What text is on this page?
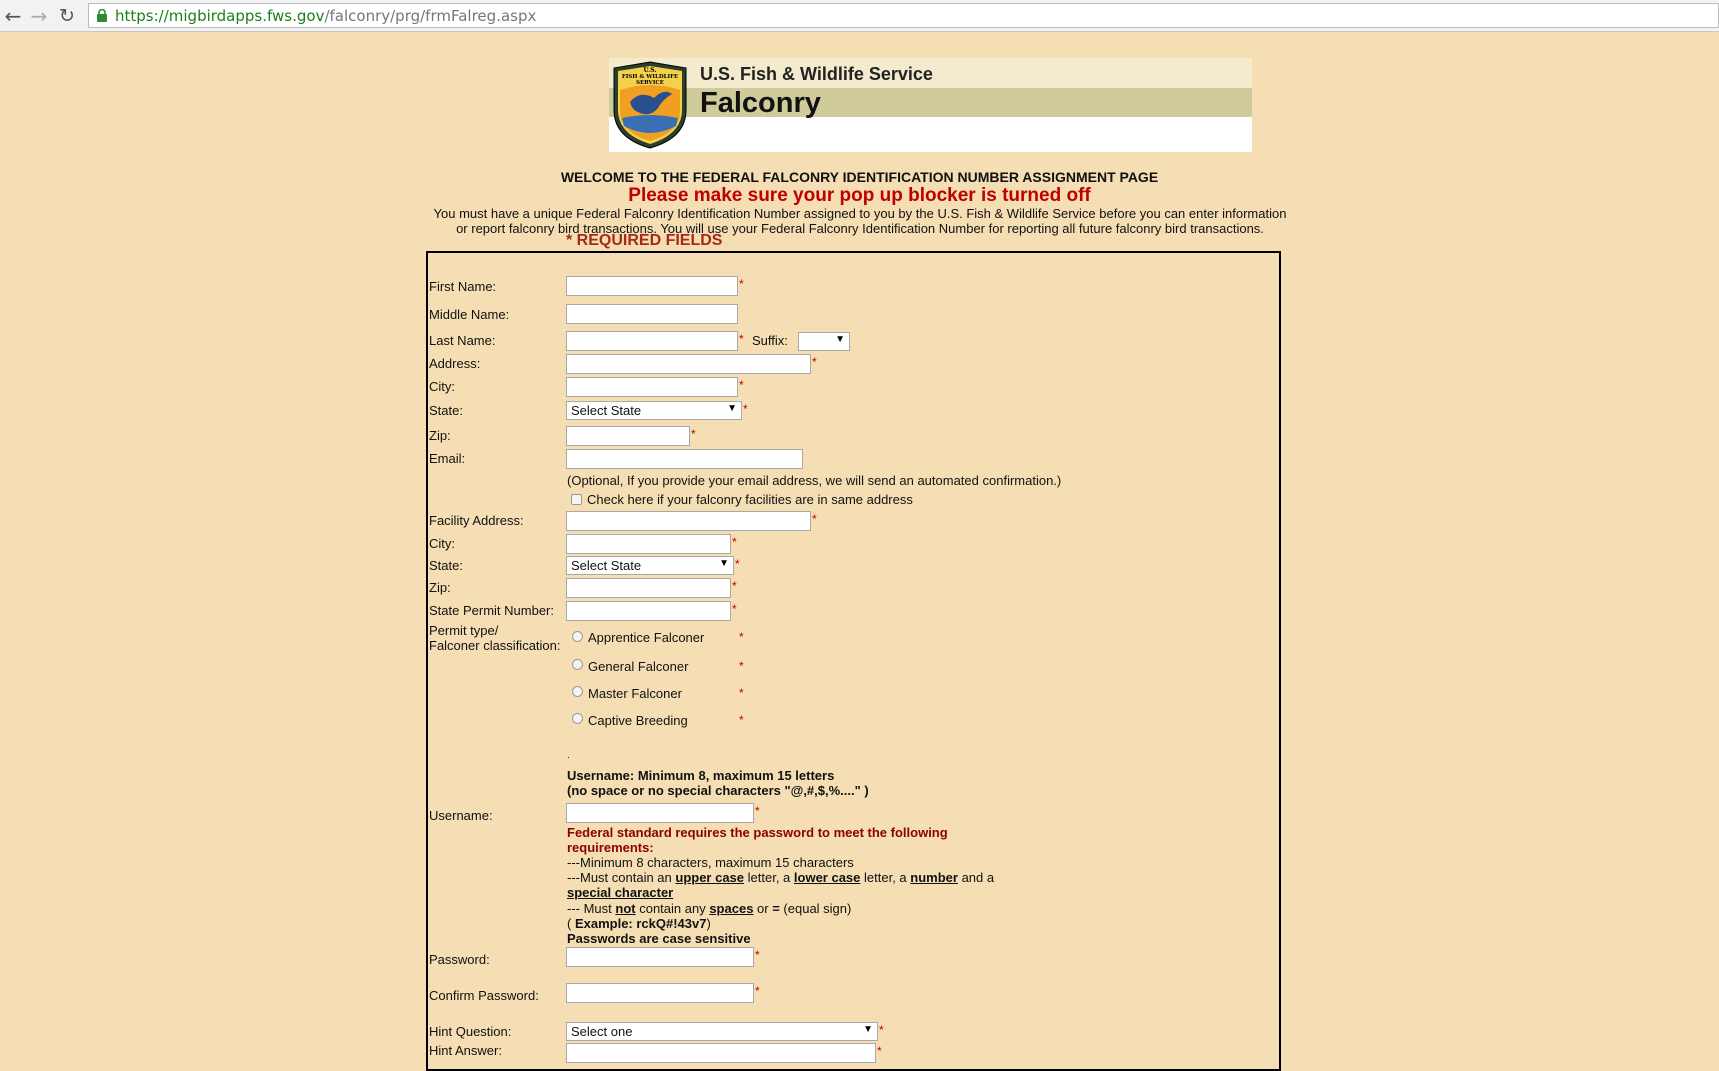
← → ↻	https://migbirdapps.fws.gov/falconry/prg/frmFalreg.aspx
U.S.
FISH & WILDLIFE
SERVICE U.S. Fish & Wildlife Service
Falconry
WELCOME TO THE FEDERAL FALCONRY IDENTIFICATION NUMBER ASSIGNMENT PAGE
Please make sure your pop up blocker is turned off
You must have a unique Federal Falconry Identification Number assigned to you by the U.S. Fish & Wildlife Service before you can enter information
or report falconry bird transactions. You will use your Federal Falconry Identification Number for reporting all future falconry bird transactions.
* REQUIRED FIELDS
First Name:	*
Middle Name:
Last Name:	* Suffix:	▼
Address:	*
City:	*
State:	Select State	▼ *
Zip:	*
Email:
(Optional, If you provide your email address, we will send an automated confirmation.)
Check here if your falconry facilities are in same address
Facility Address:	*
City:	*
State:	Select State	▼ *
Zip:	*
State Permit Number:	*
Permit type/
Falconer classification:
Apprentice Falconer	*
General Falconer	*
Master Falconer	*
Captive Breeding	*
.
Username: Minimum 8, maximum 15 letters
(no space or no special characters "@,#,$,%...." )
Username:	*
Federal standard requires the password to meet the following
requirements:
---Minimum 8 characters, maximum 15 characters
---Must contain an upper case letter, a lower case letter, a number and a
special character
--- Must not contain any spaces or = (equal sign)
( Example: rckQ#!43v7)
Passwords are case sensitive
Password:	*
Confirm Password:	*
Hint Question:	Select one	▼ *
Hint Answer:	*
